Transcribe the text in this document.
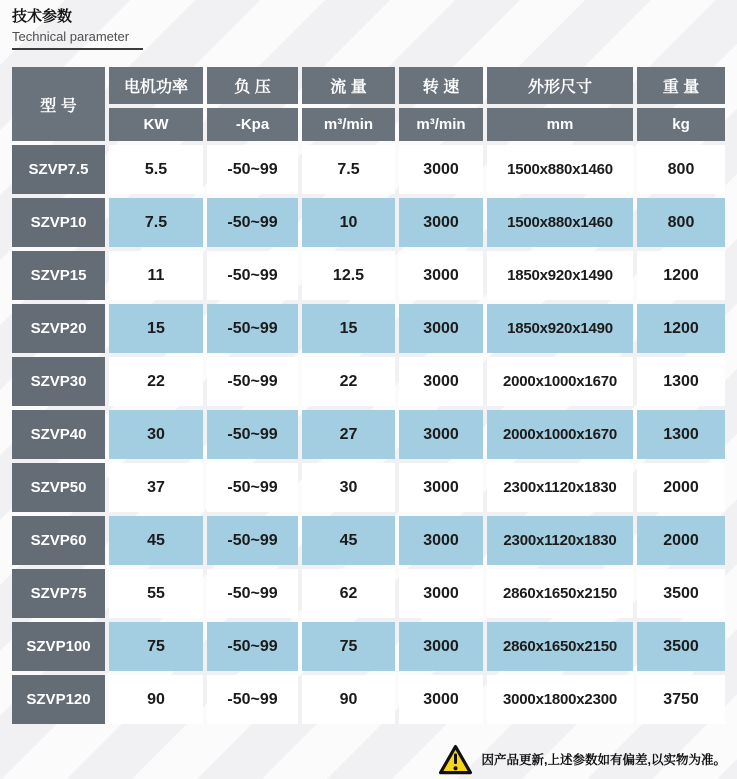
技术参数
Technical parameter
型 号	电机功率	负 压	流 量	转 速	外形尺寸	重 量
	KW	-Kpa	m³/min	m³/min	mm	kg
SZVP7.5	5.5	-50~99	7.5	3000	1500x880x1460	800
SZVP10	7.5	-50~99	10	3000	1500x880x1460	800
SZVP15	11	-50~99	12.5	3000	1850x920x1490	1200
SZVP20	15	-50~99	15	3000	1850x920x1490	1200
SZVP30	22	-50~99	22	3000	2000x1000x1670	1300
SZVP40	30	-50~99	27	3000	2000x1000x1670	1300
SZVP50	37	-50~99	30	3000	2300x1120x1830	2000
SZVP60	45	-50~99	45	3000	2300x1120x1830	2000
SZVP75	55	-50~99	62	3000	2860x1650x2150	3500
SZVP100	75	-50~99	75	3000	2860x1650x2150	3500
SZVP120	90	-50~99	90	3000	3000x1800x2300	3750
因产品更新,上述参数如有偏差,以实物为准。
